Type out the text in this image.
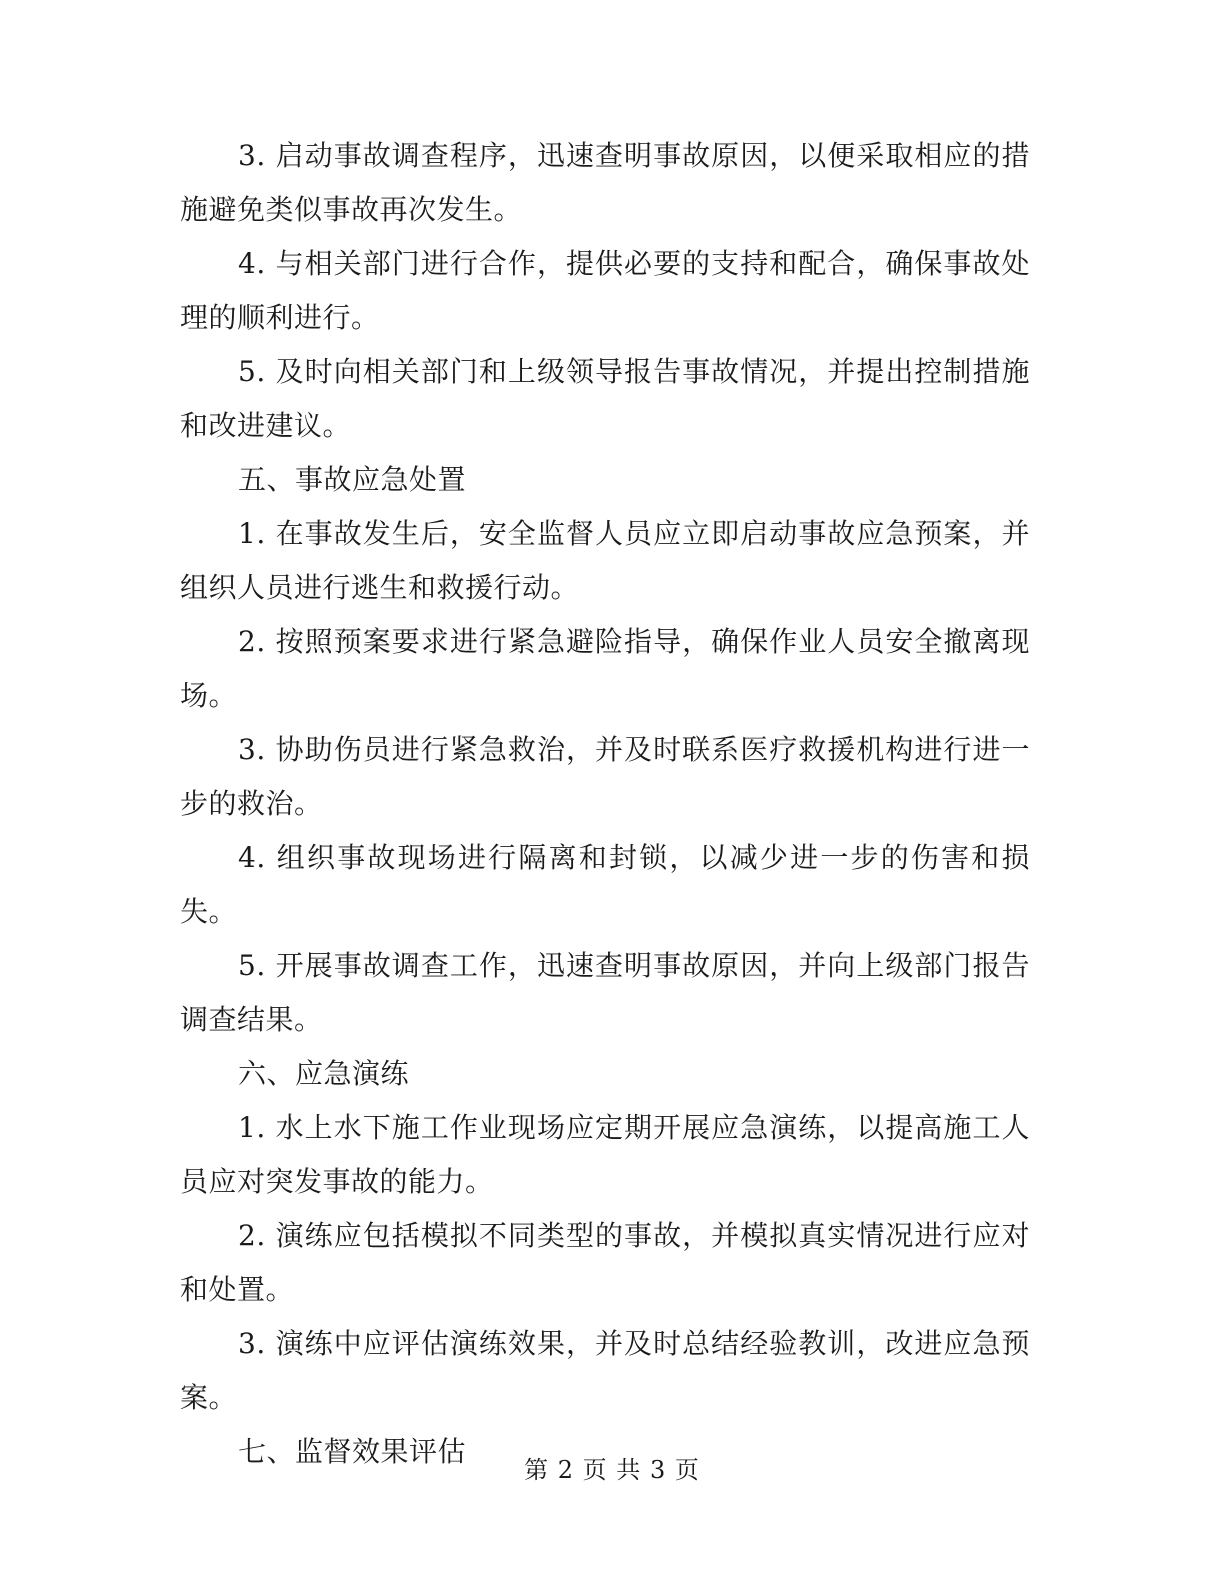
3. 启动事故调查程序，迅速查明事故原因，以便采取相应的措施避免类似事故再次发生。

4. 与相关部门进行合作，提供必要的支持和配合，确保事故处理的顺利进行。

5. 及时向相关部门和上级领导报告事故情况，并提出控制措施和改进建议。

五、事故应急处置

1. 在事故发生后，安全监督人员应立即启动事故应急预案，并组织人员进行逃生和救援行动。

2. 按照预案要求进行紧急避险指导，确保作业人员安全撤离现场。

3. 协助伤员进行紧急救治，并及时联系医疗救援机构进行进一步的救治。

4. 组织事故现场进行隔离和封锁，以减少进一步的伤害和损失。

5. 开展事故调查工作，迅速查明事故原因，并向上级部门报告调查结果。

六、应急演练

1. 水上水下施工作业现场应定期开展应急演练，以提高施工人员应对突发事故的能力。

2. 演练应包括模拟不同类型的事故，并模拟真实情况进行应对和处置。

3. 演练中应评估演练效果，并及时总结经验教训，改进应急预案。

七、监督效果评估

第 2 页 共 3 页
